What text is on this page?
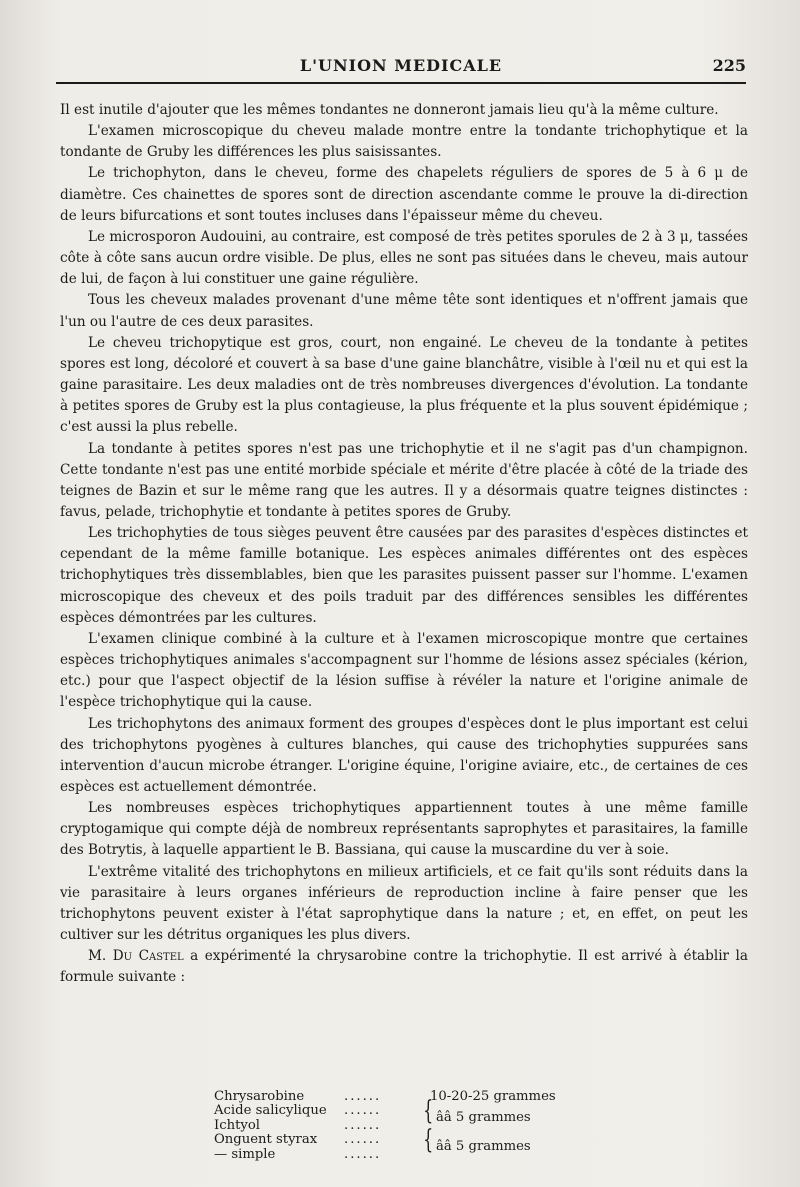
L'UNION MEDICALE	225

Il est inutile d'ajouter que les mêmes tondantes ne donneront jamais lieu qu'à la même culture.

L'examen microscopique du cheveu malade montre entre la tondante trichophytique et la tondante de Gruby les différences les plus saisissantes.

Le trichophyton, dans le cheveu, forme des chapelets réguliers de spores de 5 à 6 μ de diamètre. Ces chainettes de spores sont de direction ascendante comme le prouve la di-direction de leurs bifurcations et sont toutes incluses dans l'épaisseur même du cheveu.

Le microsporon Audouini, au contraire, est composé de très petites sporules de 2 à 3 μ, tassées côte à côte sans aucun ordre visible. De plus, elles ne sont pas situées dans le cheveu, mais autour de lui, de façon à lui constituer une gaine régulière.

Tous les cheveux malades provenant d'une même tête sont identiques et n'offrent jamais que l'un ou l'autre de ces deux parasites.

Le cheveu trichopytique est gros, court, non engainé. Le cheveu de la tondante à petites spores est long, décoloré et couvert à sa base d'une gaine blanchâtre, visible à l'œil nu et qui est la gaine parasitaire. Les deux maladies ont de très nombreuses divergences d'évolution. La tondante à petites spores de Gruby est la plus contagieuse, la plus fréquente et la plus souvent épidémique ; c'est aussi la plus rebelle.

La tondante à petites spores n'est pas une trichophytie et il ne s'agit pas d'un champignon. Cette tondante n'est pas une entité morbide spéciale et mérite d'être placée à côté de la triade des teignes de Bazin et sur le même rang que les autres. Il y a désormais quatre teignes distinctes : favus, pelade, trichophytie et tondante à petites spores de Gruby.

Les trichophyties de tous sièges peuvent être causées par des parasites d'espèces distinctes et cependant de la même famille botanique. Les espèces animales différentes ont des espèces trichophytiques très dissemblables, bien que les parasites puissent passer sur l'homme. L'examen microscopique des cheveux et des poils traduit par des différences sensibles les différentes espèces démontrées par les cultures.

L'examen clinique combiné à la culture et à l'examen microscopique montre que certaines espèces trichophytiques animales s'accompagnent sur l'homme de lésions assez spéciales (kérion, etc.) pour que l'aspect objectif de la lésion suffise à révéler la nature et l'origine animale de l'espèce trichophytique qui la cause.

Les trichophytons des animaux forment des groupes d'espèces dont le plus important est celui des trichophytons pyogènes à cultures blanches, qui cause des trichophyties suppurées sans intervention d'aucun microbe étranger. L'origine équine, l'origine aviaire, etc., de certaines de ces espèces est actuellement démontrée.

Les nombreuses espèces trichophytiques appartiennent toutes à une même famille cryptogamique qui compte déjà de nombreux représentants saprophytes et parasitaires, la famille des Botrytis, à laquelle appartient le B. Bassiana, qui cause la muscardine du ver à soie.

L'extrême vitalité des trichophytons en milieux artificiels, et ce fait qu'ils sont réduits dans la vie parasitaire à leurs organes inférieurs de reproduction incline à faire penser que les trichophytons peuvent exister à l'état saprophytique dans la nature ; et, en effet, on peut les cultiver sur les détritus organiques les plus divers.

M. Du Castel a expérimenté la chrysarobine contre la trichophytie. Il est arrivé à établir la formule suivante :

Chrysarobine	......	10-20-25 grammes
Acide salicylique ...... { ââ 5 grammes
Ichtyol	......
Onguent styrax ...... { ââ 5 grammes
— simple	......
